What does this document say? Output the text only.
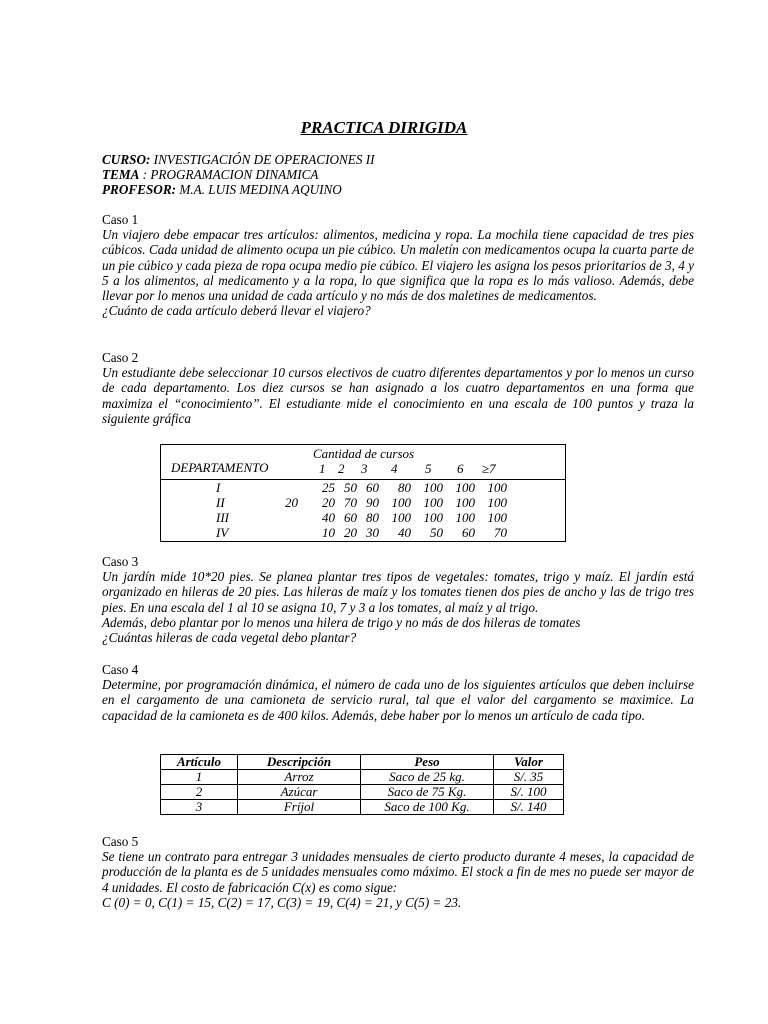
PRACTICA DIRIGIDA
CURSO: INVESTIGACIÓN DE OPERACIONES II
TEMA : PROGRAMACION DINAMICA
PROFESOR: M.A. LUIS MEDINA AQUINO

Caso 1

Un viajero debe empacar tres artículos: alimentos, medicina y ropa. La mochila tiene capacidad de tres pies cúbicos. Cada unidad de alimento ocupa un pie cúbico. Un maletín con medicamentos ocupa la cuarta parte de un pie cúbico y cada pieza de ropa ocupa medio pie cúbico. El viajero les asigna los pesos prioritarios de 3, 4 y 5 a los alimentos, al medicamento y a la ropa, lo que significa que la ropa es lo más valioso. Además, debe llevar por lo menos una unidad de cada artículo y no más de dos maletines de medicamentos.

¿Cuánto de cada artículo deberá llevar el viajero?

Caso 2

Un estudiante debe seleccionar 10 cursos electivos de cuatro diferentes departamentos y por lo menos un curso de cada departamento. Los diez cursos se han asignado a los cuatro departamentos en una forma que maximiza el “conocimiento”. El estudiante mide el conocimiento en una escala de 100 puntos y traza la siguiente gráfica

Cantidad de cursos
DEPARTAMENTO	1 2 3 4 5 6 ≥7
I	25 50 60	80 100 100 100
II	20	20 70 90 100 100 100 100
III	40 60 80 100 100 100 100
IV	10 20 30	40	50	60	70

Caso 3

Un jardín mide 10*20 pies. Se planea plantar tres tipos de vegetales: tomates, trigo y maíz. El jardín está organizado en hileras de 20 pies. Las hileras de maíz y los tomates tienen dos pies de ancho y las de trigo tres pies. En una escala del 1 al 10 se asigna 10, 7 y 3 a los tomates, al maíz y al trigo.

Además, debo plantar por lo menos una hilera de trigo y no más de dos hileras de tomates

¿Cuántas hileras de cada vegetal debo plantar?

Caso 4

Determine, por programación dinámica, el número de cada uno de los siguientes artículos que deben incluirse en el cargamento de una camioneta de servicio rural, tal que el valor del cargamento se maximice. La capacidad de la camioneta es de 400 kilos. Además, debe haber por lo menos un artículo de cada tipo.

Artículo	Descripción	Peso	Valor
1	Arroz	Saco de 25 kg.	S/. 35
2	Azúcar	Saco de 75 Kg.	S/. 100
3	Fríjol	Saco de 100 Kg.	S/. 140

Caso 5

Se tiene un contrato para entregar 3 unidades mensuales de cierto producto durante 4 meses, la capacidad de producción de la planta es de 5 unidades mensuales como máximo. El stock a fin de mes no puede ser mayor de 4 unidades. El costo de fabricación C(x) es como sigue:

C (0) = 0, C(1) = 15, C(2) = 17, C(3) = 19, C(4) = 21, y C(5) = 23.
